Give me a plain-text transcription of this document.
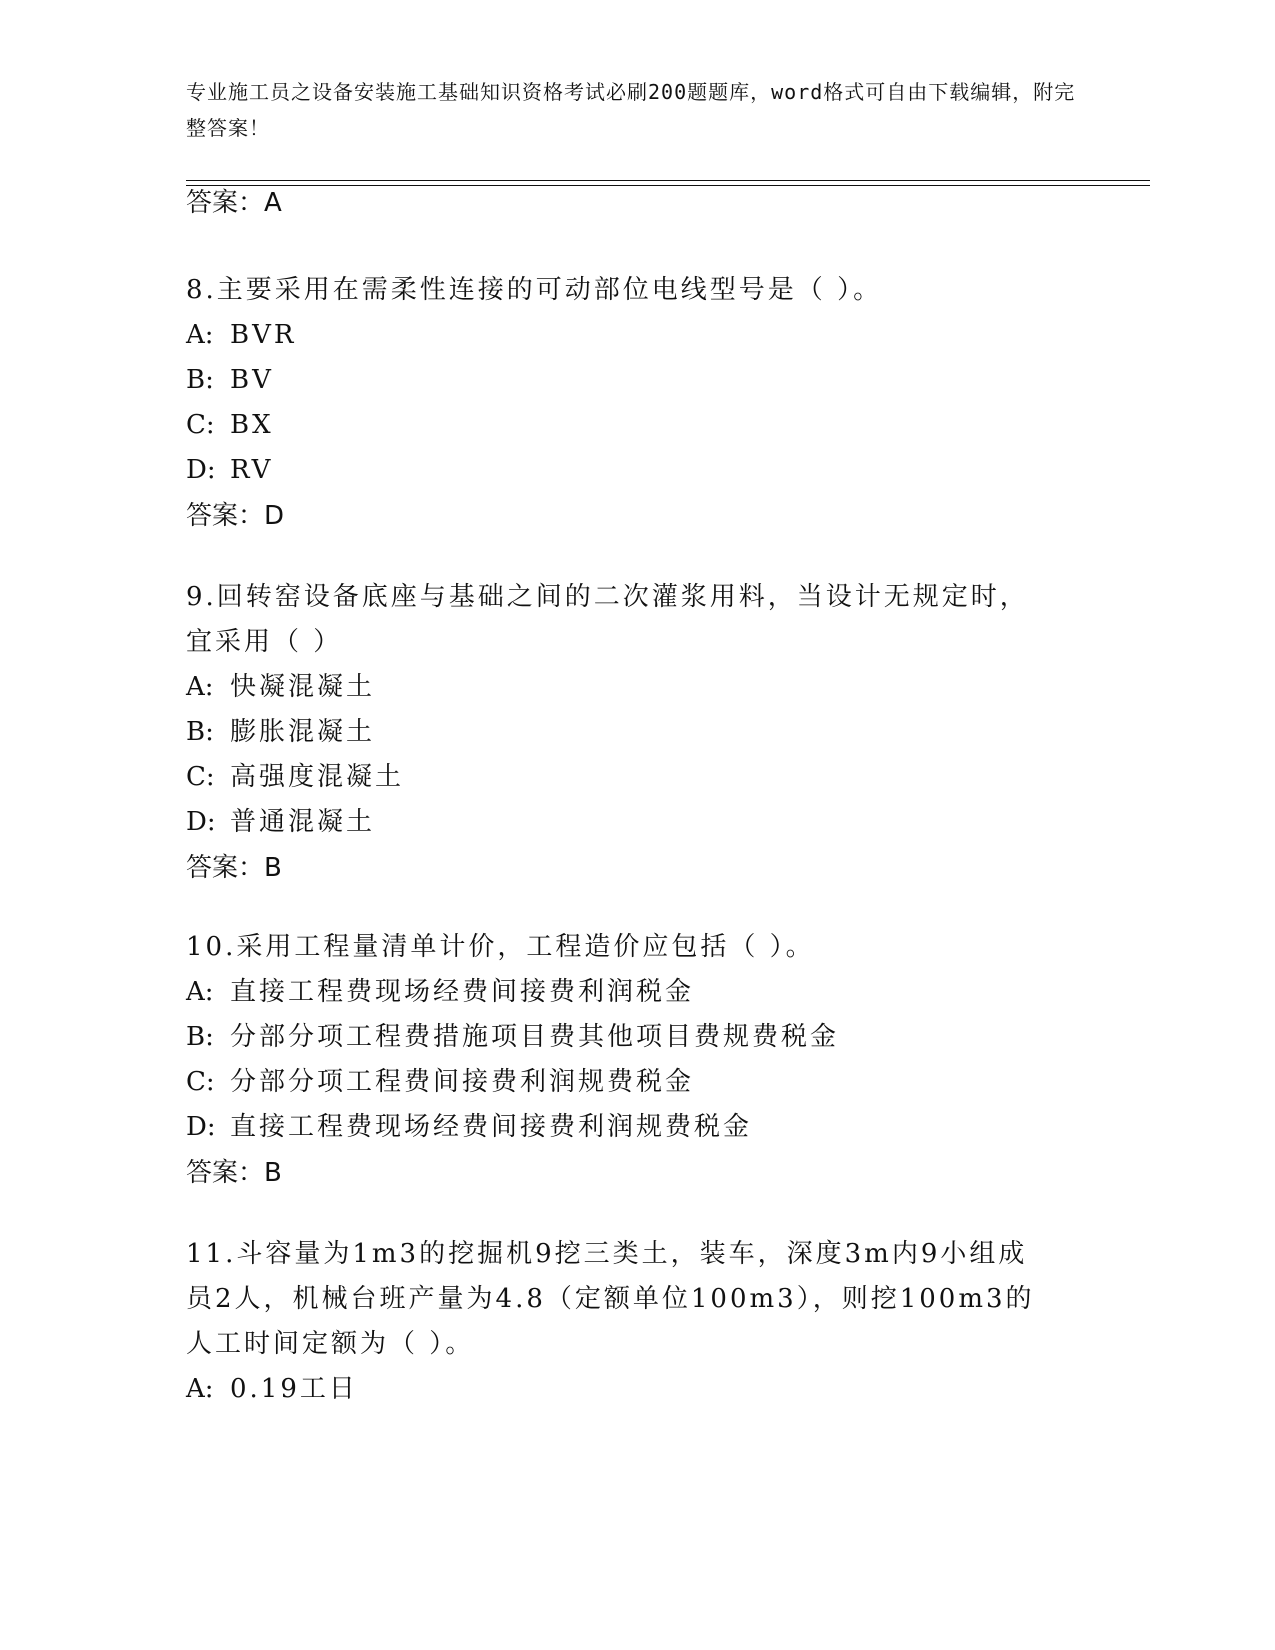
专业施工员之设备安装施工基础知识资格考试必刷200题题库，word格式可自由下载编辑，附完整答案！
答案：A
8.主要采用在需柔性连接的可动部位电线型号是（ ）。
A: BVR
B: BV
C: BX
D: RV
答案：D
9.回转窑设备底座与基础之间的二次灌浆用料，当设计无规定时，宜采用（ ）
A: 快凝混凝土
B: 膨胀混凝土
C: 高强度混凝土
D: 普通混凝土
答案：B
10.采用工程量清单计价，工程造价应包括（ ）。
A: 直接工程费现场经费间接费利润税金
B: 分部分项工程费措施项目费其他项目费规费税金
C: 分部分项工程费间接费利润规费税金
D: 直接工程费现场经费间接费利润规费税金
答案：B
11.斗容量为1m3的挖掘机9挖三类土，装车，深度3m内9小组成员2人，机械台班产量为4.8（定额单位100m3），则挖100m3的人工时间定额为（ ）。
A: 0.19工日
